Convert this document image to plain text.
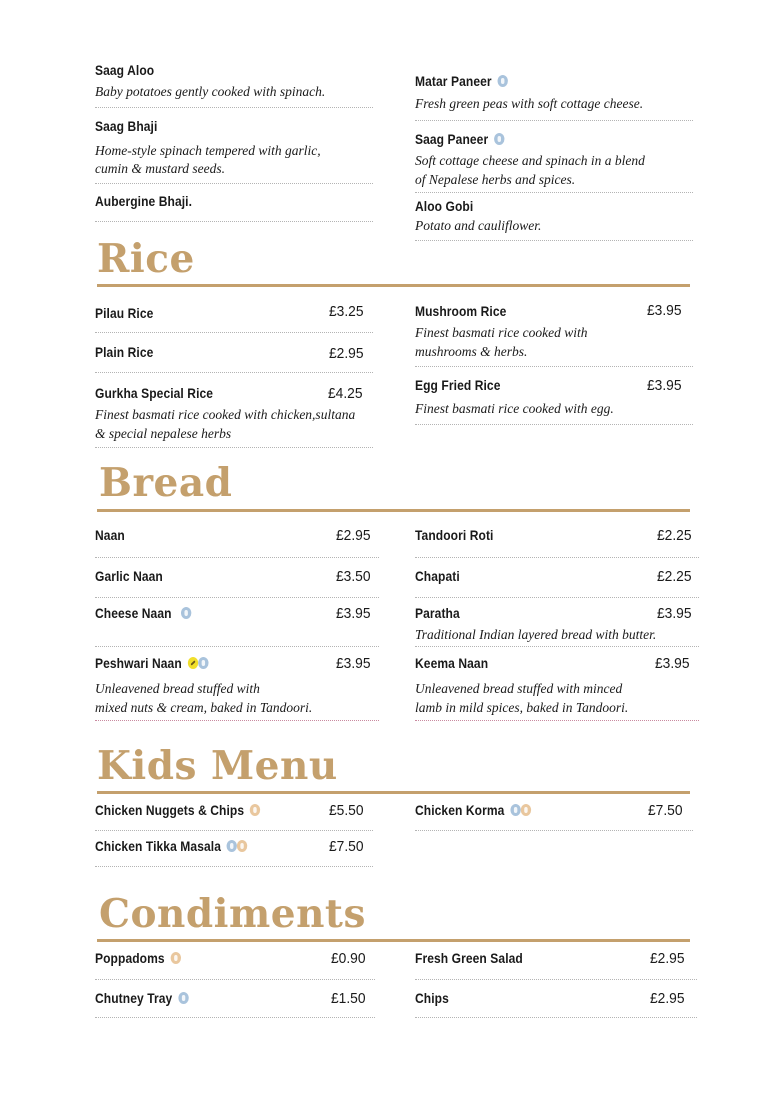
Saag Aloo
Baby potatoes gently cooked with spinach.
Saag Bhaji
Home-style spinach tempered with garlic,
cumin & mustard seeds.
Aubergine Bhaji.
Matar Paneer
Fresh green peas with soft cottage cheese.
Saag Paneer
Soft cottage cheese and spinach in a blend
of Nepalese herbs and spices.
Aloo Gobi
Potato and cauliflower.
Rice
Pilau Rice	£3.25
Plain Rice	£2.95
Gurkha Special Rice	£4.25
Finest basmati rice cooked with chicken,sultana
& special nepalese herbs
Mushroom Rice	£3.95
Finest basmati rice cooked with
mushrooms & herbs.
Egg Fried Rice	£3.95
Finest basmati rice cooked with egg.
Bread
Naan	£2.95
Garlic Naan	£3.50
Cheese Naan	£3.95
Peshwari Naan	£3.95
Unleavened bread stuffed with
mixed nuts & cream, baked in Tandoori.
Tandoori Roti	£2.25
Chapati	£2.25
Paratha	£3.95
Traditional Indian layered bread with butter.
Keema Naan	£3.95
Unleavened bread stuffed with minced
lamb in mild spices, baked in Tandoori.
Kids Menu
Chicken Nuggets & Chips	£5.50
Chicken Tikka Masala	£7.50
Chicken Korma	£7.50
Condiments
Poppadoms	£0.90
Chutney Tray	£1.50
Fresh Green Salad	£2.95
Chips	£2.95
